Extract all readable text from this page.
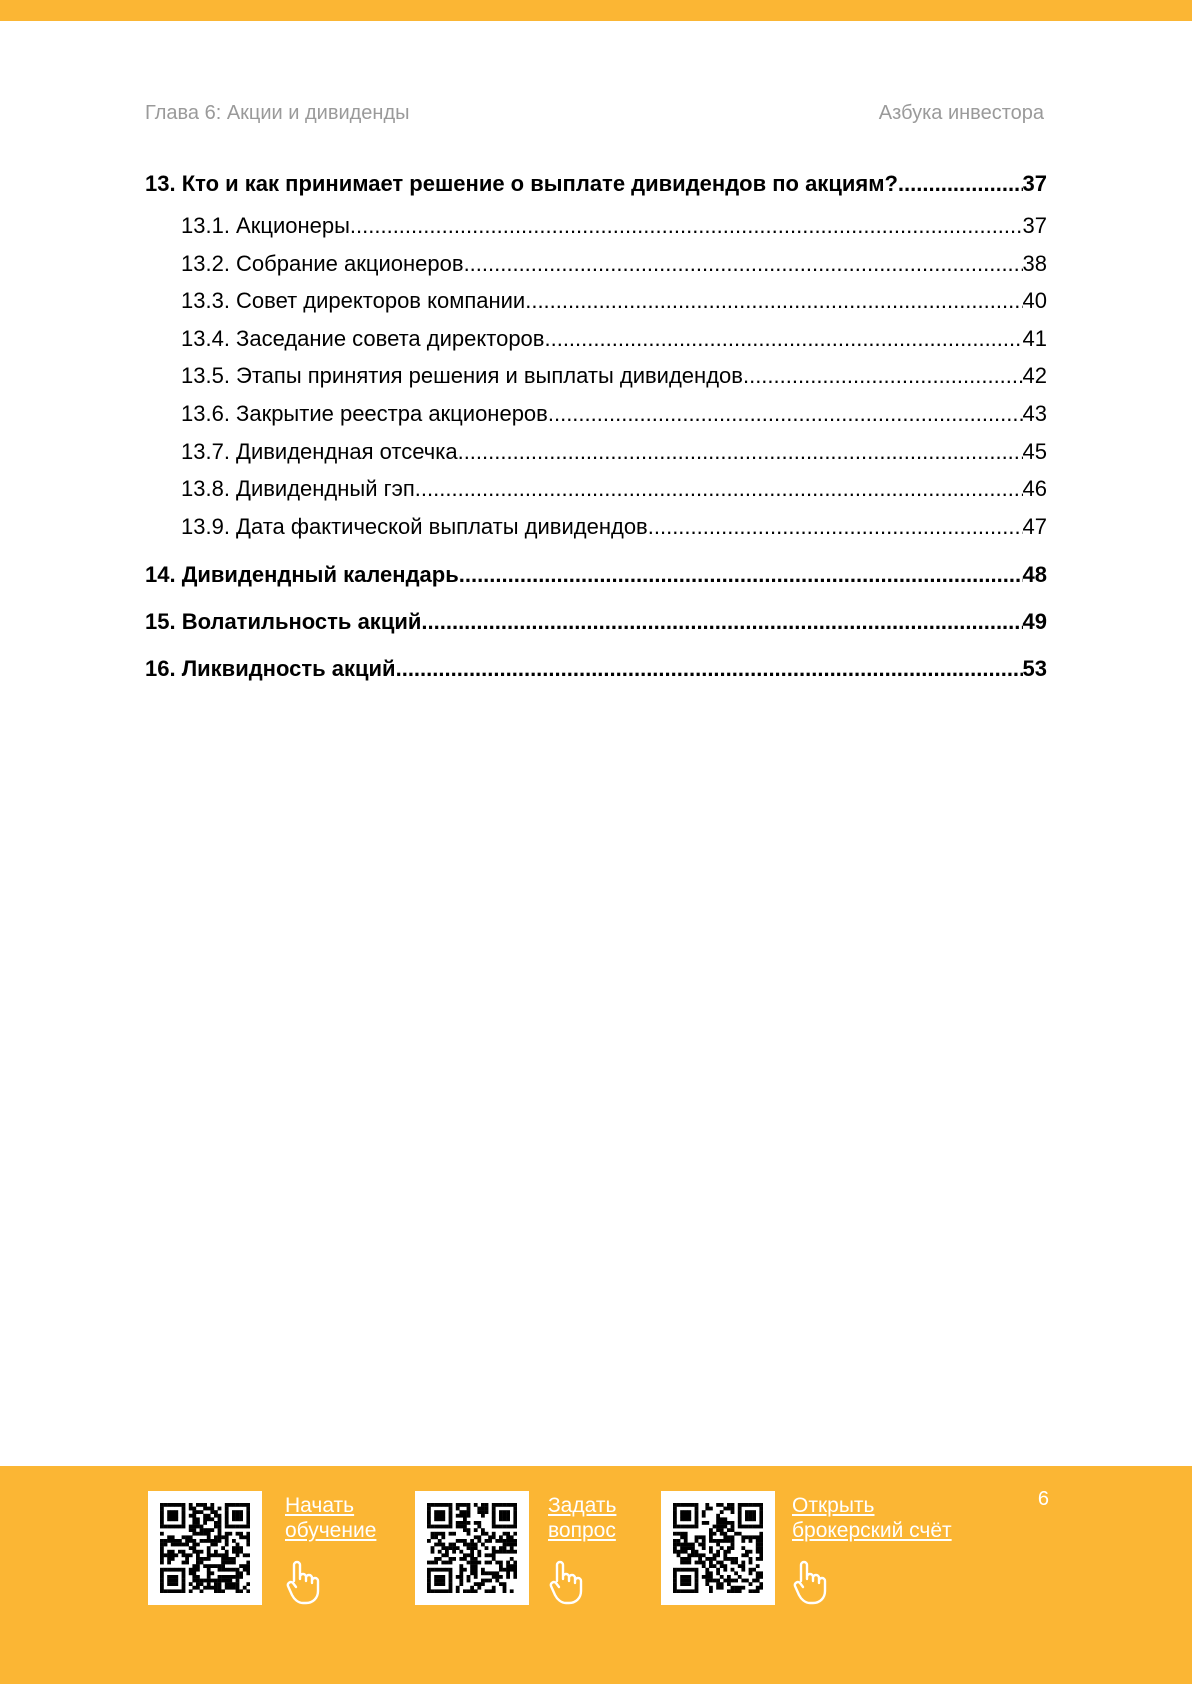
Глава 6: Акции и дивиденды	Азбука инвестора
13. Кто и как принимает решение о выплате дивидендов по акциям? .....	37
13.1. Акционеры .....	37
13.2. Собрание акционеров .....	38
13.3. Совет директоров компании .....	40
13.4. Заседание совета директоров .....	41
13.5. Этапы принятия решения и выплаты дивидендов .....	42
13.6. Закрытие реестра акционеров .....	43
13.7. Дивидендная отсечка .....	45
13.8. Дивидендный гэп .....	46
13.9. Дата фактической выплаты дивидендов .....	47
14. Дивидендный календарь .....	48
15. Волатильность акций .....	49
16. Ликвидность акций .....	53
Начать
обучение
Задать
вопрос
Открыть
брокерский счёт
6
